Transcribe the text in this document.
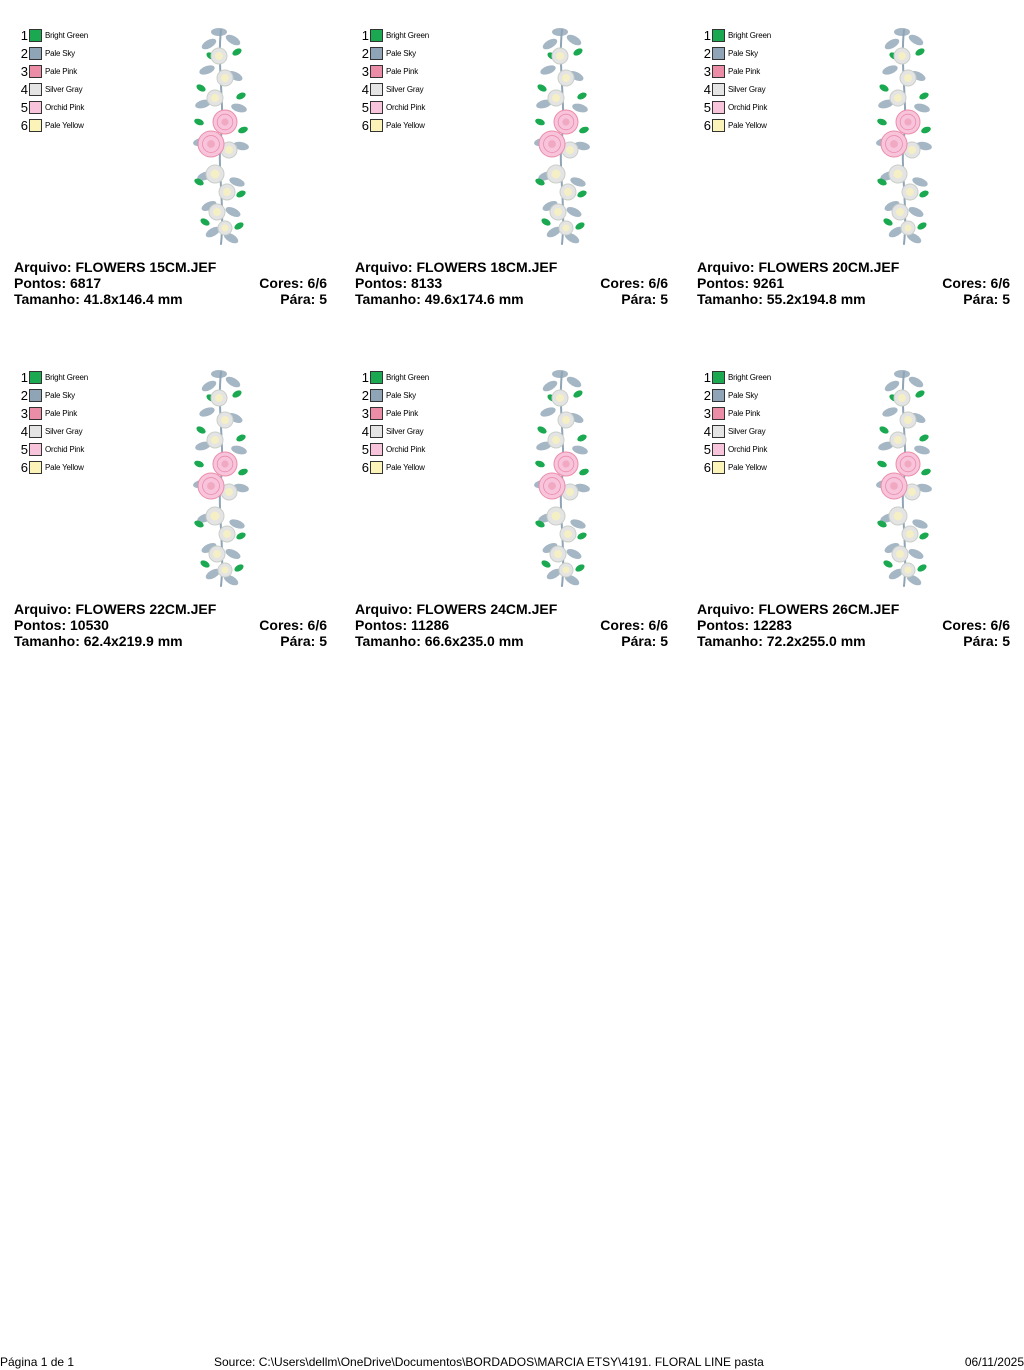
1 Bright Green
2 Pale Sky
3 Pale Pink
4 Silver Gray
5 Orchid Pink
6 Pale Yellow
Arquivo: FLOWERS 15CM.JEF
Pontos: 6817	Cores: 6/6
Tamanho: 41.8x146.4 mm	Pára: 5
1 Bright Green
2 Pale Sky
3 Pale Pink
4 Silver Gray
5 Orchid Pink
6 Pale Yellow
Arquivo: FLOWERS 18CM.JEF
Pontos: 8133	Cores: 6/6
Tamanho: 49.6x174.6 mm	Pára: 5
1 Bright Green
2 Pale Sky
3 Pale Pink
4 Silver Gray
5 Orchid Pink
6 Pale Yellow
Arquivo: FLOWERS 20CM.JEF
Pontos: 9261	Cores: 6/6
Tamanho: 55.2x194.8 mm	Pára: 5
1 Bright Green
2 Pale Sky
3 Pale Pink
4 Silver Gray
5 Orchid Pink
6 Pale Yellow
Arquivo: FLOWERS 22CM.JEF
Pontos: 10530	Cores: 6/6
Tamanho: 62.4x219.9 mm	Pára: 5
1 Bright Green
2 Pale Sky
3 Pale Pink
4 Silver Gray
5 Orchid Pink
6 Pale Yellow
Arquivo: FLOWERS 24CM.JEF
Pontos: 11286	Cores: 6/6
Tamanho: 66.6x235.0 mm	Pára: 5
1 Bright Green
2 Pale Sky
3 Pale Pink
4 Silver Gray
5 Orchid Pink
6 Pale Yellow
Arquivo: FLOWERS 26CM.JEF
Pontos: 12283	Cores: 6/6
Tamanho: 72.2x255.0 mm	Pára: 5
Página 1 de 1	Source: C:\Users\dellm\OneDrive\Documentos\BORDADOS\MARCIA ETSY\4191. FLORAL LINE pasta	06/11/2025
